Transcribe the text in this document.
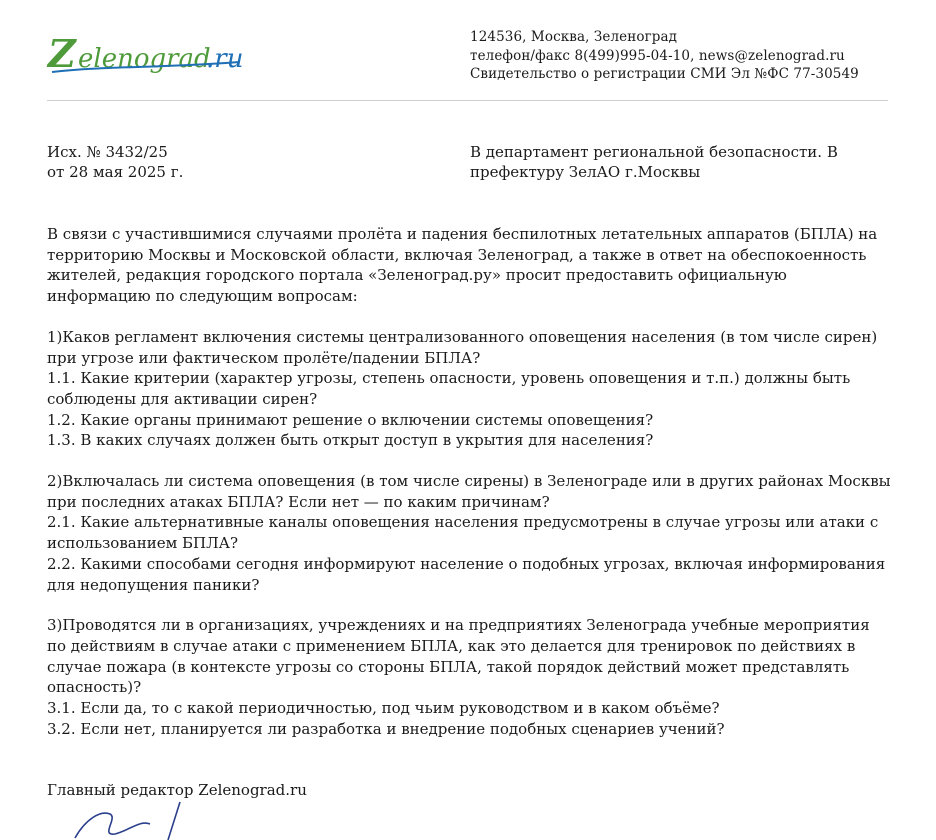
Z elenograd
.ru
124536, Москва, Зеленоград
телефон/факс 8(499)995-04-10, news@zelenograd.ru
Свидетельство о регистрации СМИ Эл №ФС 77-30549
Исх. № 3432/25
от 28 мая 2025 г.
В департамент региональной безопасности. В префектуру ЗелАО г.Москвы

В связи с участившимися случаями пролёта и падения беспилотных летательных аппаратов (БПЛА) на территорию Москвы и Московской области, включая Зеленоград, а также в ответ на обеспокоенность жителей, редакция городского портала «Зеленоград.ру» просит предоставить официальную информацию по следующим вопросам:

1)Каков регламент включения системы централизованного оповещения населения (в том числе сирен) при угрозе или фактическом пролёте/падении БПЛА?
1.1. Какие критерии (характер угрозы, степень опасности, уровень оповещения и т.п.) должны быть соблюдены для активации сирен?
1.2. Какие органы принимают решение о включении системы оповещения?
1.3. В каких случаях должен быть открыт доступ в укрытия для населения?

2)Включалась ли система оповещения (в том числе сирены) в Зеленограде или в других районах Москвы при последних атаках БПЛА? Если нет — по каким причинам?
2.1. Какие альтернативные каналы оповещения населения предусмотрены в случае угрозы или атаки с использованием БПЛА?
2.2. Какими способами сегодня информируют население о подобных угрозах, включая информирования для недопущения паники?

3)Проводятся ли в организациях, учреждениях и на предприятиях Зеленограда учебные мероприятия по действиям в случае атаки с применением БПЛА, как это делается для тренировок по действиях в случае пожара (в контексте угрозы со стороны БПЛА, такой порядок действий может представлять опасность)?
3.1. Если да, то с какой периодичностью, под чьим руководством и в каком объёме?
3.2. Если нет, планируется ли разработка и внедрение подобных сценариев учений?

Главный редактор Zelenograd.ru
